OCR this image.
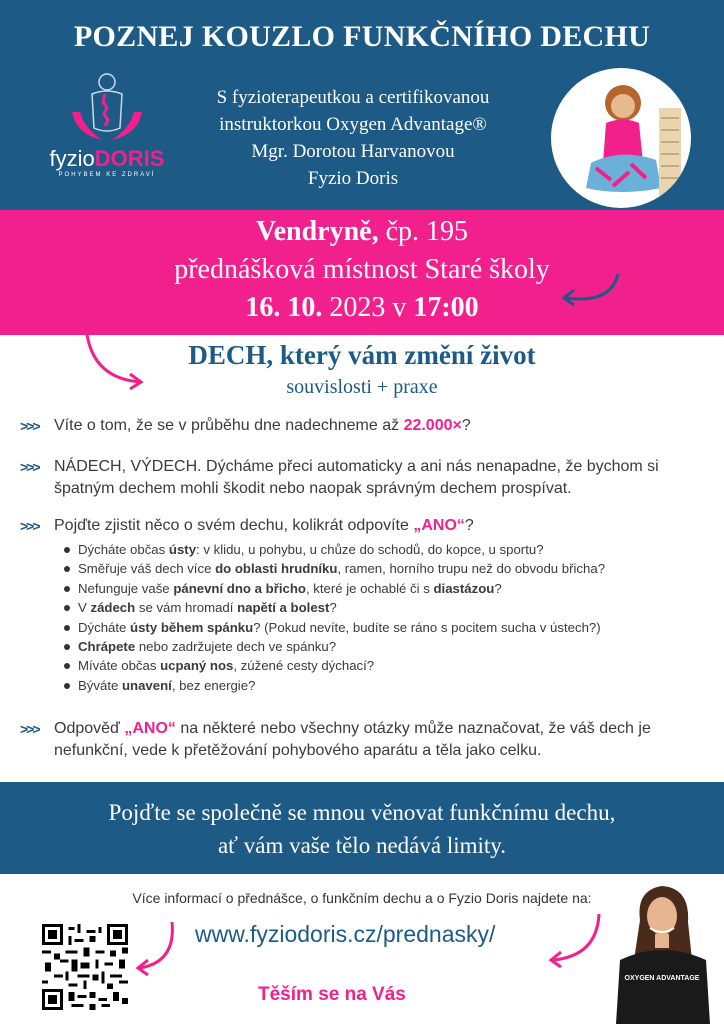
POZNEJ KOUZLO FUNKČNÍHO DECHU
fyzioDORIS
POHYBEM KE ZDRAVÍ
S fyzioterapeutkou a certifikovanou
instruktorkou Oxygen Advantage®
Mgr. Dorotou Harvanovou
Fyzio Doris
Vendryně, čp. 195
přednášková místnost Staré školy
16. 10. 2023 v 17:00
DECH, který vám změní život
souvislosti + praxe
>>> Víte o tom, že se v průběhu dne nadechneme až 22.000×?
>>> NÁDECH, VÝDECH. Dýcháme přeci automaticky a ani nás nenapadne, že bychom si špatným dechem mohli škodit nebo naopak správným dechem prospívat.
>>> Pojďte zjistit něco o svém dechu, kolikrát odpovíte „ANO“?
Dýcháte občas ústy: v klidu, u pohybu, u chůze do schodů, do kopce, u sportu?
Směřuje váš dech více do oblasti hrudníku, ramen, horního trupu než do obvodu břicha?
Nefunguje vaše pánevní dno a břicho, které je ochablé či s diastázou?
V zádech se vám hromadí napětí a bolest?
Dýcháte ústy během spánku? (Pokud nevíte, budíte se ráno s pocitem sucha v ústech?)
Chrápete nebo zadržujete dech ve spánku?
Míváte občas ucpaný nos, zúžené cesty dýchací?
Býváte unavení, bez energie?
>>> Odpověď „ANO“ na některé nebo všechny otázky může naznačovat, že váš dech je nefunkční, vede k přetěžování pohybového aparátu a těla jako celku.
Pojďte se společně se mnou věnovat funkčnímu dechu,
ať vám vaše tělo nedává limity.
Více informací o přednášce, o funkčním dechu a o Fyzio Doris najdete na:
www.fyziodoris.cz/prednasky/
Těším se na Vás
OXYGEN ADVANTAGE
